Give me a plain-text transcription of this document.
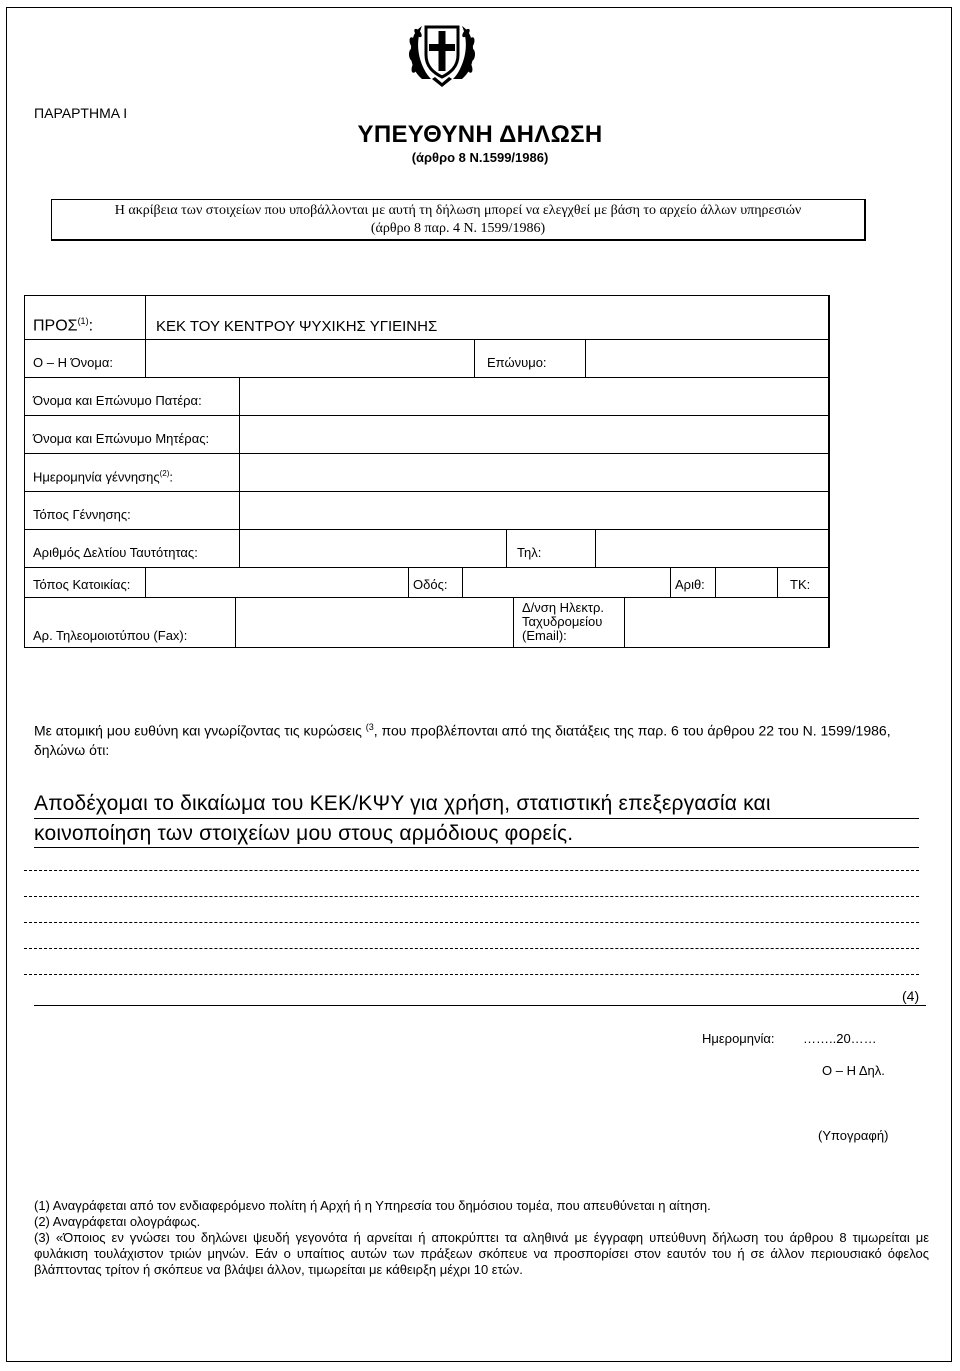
ΠΑΡΑΡΤΗΜΑ Ι
ΥΠΕΥΘΥΝΗ ΔΗΛΩΣΗ
(άρθρο 8 Ν.1599/1986)
Η ακρίβεια των στοιχείων που υποβάλλονται με αυτή τη δήλωση μπορεί να ελεγχθεί με βάση το αρχείο άλλων υπηρεσιών
(άρθρο 8 παρ. 4 Ν. 1599/1986)
ΠΡΟΣ$^{(1)}$:	ΚΕΚ ΤΟΥ ΚΕΝΤΡΟΥ ΨΥΧΙΚΗΣ ΥΓΙΕΙΝΗΣ
Ο – Η Όνομα:	Επώνυμο:
Όνομα και Επώνυμο Πατέρα:
Όνομα και Επώνυμο Μητέρας:
Ημερομηνία γέννησης$^{(2)}$:
Τόπος Γέννησης:
Αριθμός Δελτίου Ταυτότητας:	Τηλ:
Τόπος Κατοικίας:	Οδός:	Αριθ:	ΤΚ:
Αρ. Τηλεομοιοτύπου (Fax):
Δ/νση Ηλεκτρ.
Ταχυδρομείου
(Email):
Με ατομική μου ευθύνη και γνωρίζοντας τις κυρώσεις $^{(3}$, που προβλέπονται από της διατάξεις της παρ. 6 του άρθρου 22 του Ν. 1599/1986, δηλώνω ότι:
Αποδέχομαι το δικαίωμα του ΚΕΚ/ΚΨΥ για χρήση, στατιστική επεξεργασία και
κοινοποίηση των στοιχείων μου στους αρμόδιους φορείς.
(4)
Ημερομηνία: ……..20……
Ο – Η Δηλ.
(Υπογραφή)

(1) Αναγράφεται από τον ενδιαφερόμενο πολίτη ή Αρχή ή η Υπηρεσία του δημόσιου τομέα, που απευθύνεται η αίτηση.

(2) Αναγράφεται ολογράφως.

(3) «Όποιος εν γνώσει του δηλώνει ψευδή γεγονότα ή αρνείται ή αποκρύπτει τα αληθινά με έγγραφη υπεύθυνη δήλωση του άρθρου 8 τιμωρείται με φυλάκιση τουλάχιστον τριών μηνών. Εάν ο υπαίτιος αυτών των πράξεων σκόπευε να προσπορίσει στον εαυτόν του ή σε άλλον περιουσιακό όφελος βλάπτοντας τρίτον ή σκόπευε να βλάψει άλλον, τιμωρείται με κάθειρξη μέχρι 10 ετών.
